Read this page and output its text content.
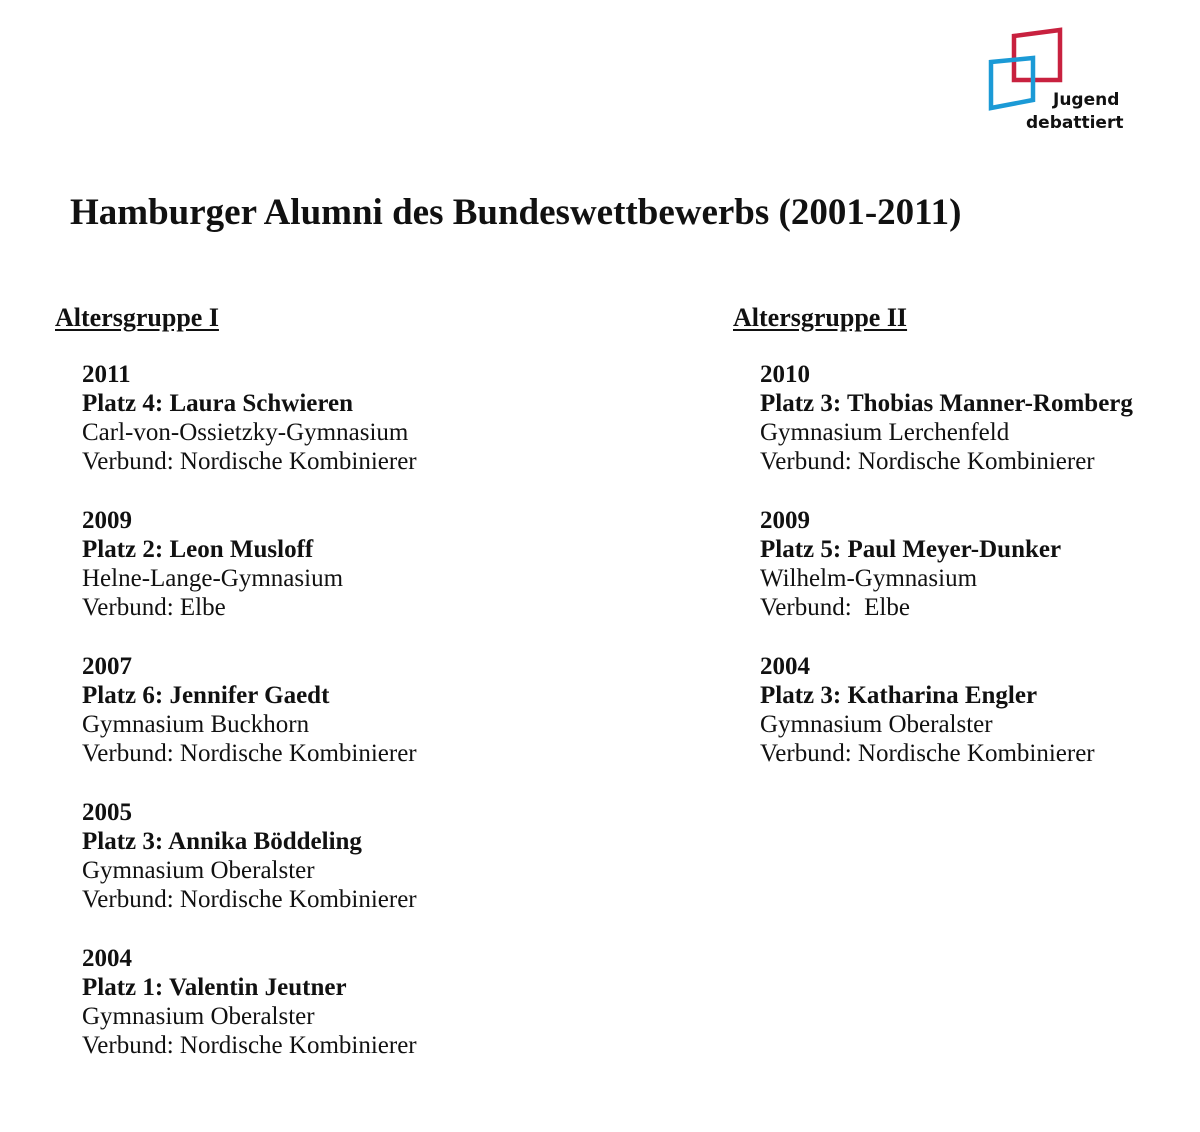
Jugend
debattiert
Hamburger Alumni des Bundeswettbewerbs (2001-2011)
Altersgruppe I
2011
Platz 4: Laura Schwieren
Carl-von-Ossietzky-Gymnasium
Verbund: Nordische Kombinierer
2009
Platz 2: Leon Musloff
Helne-Lange-Gymnasium
Verbund: Elbe
2007
Platz 6: Jennifer Gaedt
Gymnasium Buckhorn
Verbund: Nordische Kombinierer
2005
Platz 3: Annika Böddeling
Gymnasium Oberalster
Verbund: Nordische Kombinierer
2004
Platz 1: Valentin Jeutner
Gymnasium Oberalster
Verbund: Nordische Kombinierer
Altersgruppe II
2010
Platz 3: Thobias Manner-Romberg
Gymnasium Lerchenfeld
Verbund: Nordische Kombinierer
2009
Platz 5: Paul Meyer-Dunker
Wilhelm-Gymnasium
Verbund:  Elbe
2004
Platz 3: Katharina Engler
Gymnasium Oberalster
Verbund: Nordische Kombinierer
